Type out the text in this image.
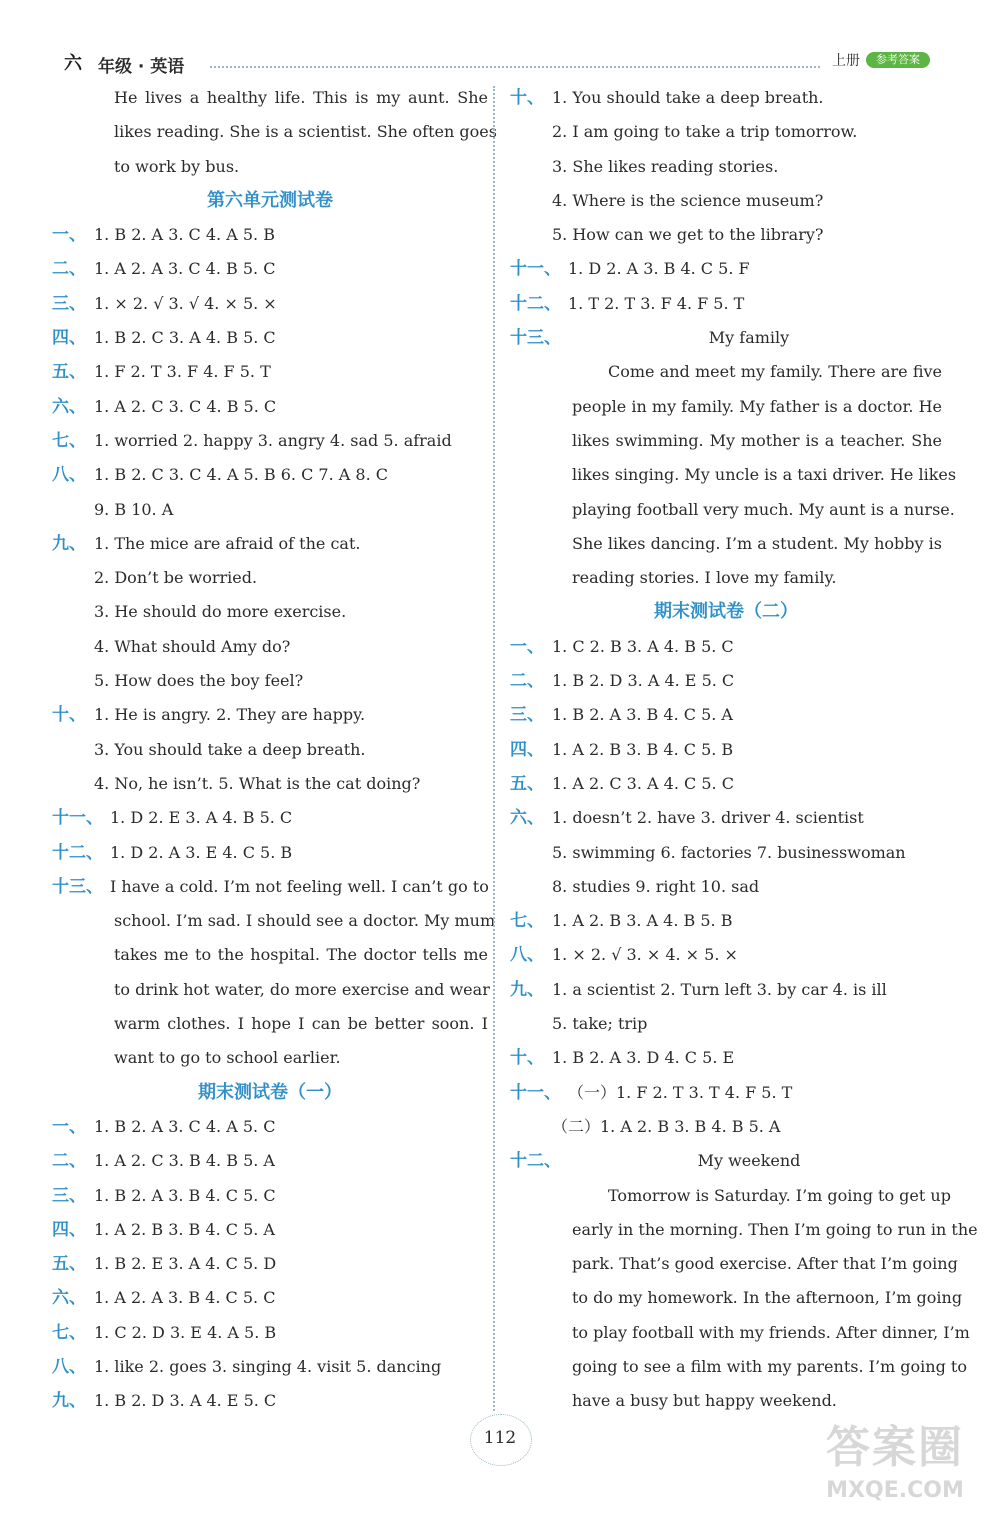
六 年级 · 英语	上册	参考答案
He lives a healthy life. This is my aunt. She
likes reading. She is a scientist. She often goes
to work by bus.
第六单元测试卷
一、 1. B 2. A 3. C 4. A 5. B
二、 1. A 2. A 3. C 4. B 5. C
三、 1. × 2. √ 3. √ 4. × 5. ×
四、 1. B 2. C 3. A 4. B 5. C
五、 1. F 2. T 3. F 4. F 5. T
六、 1. A 2. C 3. C 4. B 5. C
七、 1. worried 2. happy 3. angry 4. sad 5. afraid
八、 1. B 2. C 3. C 4. A 5. B 6. C 7. A 8. C
9. B 10. A
九、 1. The mice are afraid of the cat.
2. Don’t be worried.
3. He should do more exercise.
4. What should Amy do?
5. How does the boy feel?
十、 1. He is angry. 2. They are happy.
3. You should take a deep breath.
4. No, he isn’t. 5. What is the cat doing?
十一、 1. D 2. E 3. A 4. B 5. C
十二、 1. D 2. A 3. E 4. C 5. B
十三、 I have a cold. I’m not feeling well. I can’t go to
school. I’m sad. I should see a doctor. My mum
takes me to the hospital. The doctor tells me
to drink hot water, do more exercise and wear
warm clothes. I hope I can be better soon. I
want to go to school earlier.
期末测试卷（一）
一、 1. B 2. A 3. C 4. A 5. C
二、 1. A 2. C 3. B 4. B 5. A
三、 1. B 2. A 3. B 4. C 5. C
四、 1. A 2. B 3. B 4. C 5. A
五、 1. B 2. E 3. A 4. C 5. D
六、 1. A 2. A 3. B 4. C 5. C
七、 1. C 2. D 3. E 4. A 5. B
八、 1. like 2. goes 3. singing 4. visit 5. dancing
九、 1. B 2. D 3. A 4. E 5. C
十、 1. You should take a deep breath.
2. I am going to take a trip tomorrow.
3. She likes reading stories.
4. Where is the science museum?
5. How can we get to the library?
十一、 1. D 2. A 3. B 4. C 5. F
十二、 1. T 2. T 3. F 4. F 5. T
十三、	My family
Come and meet my family. There are five
people in my family. My father is a doctor. He
likes swimming. My mother is a teacher. She
likes singing. My uncle is a taxi driver. He likes
playing football very much. My aunt is a nurse.
She likes dancing. I’m a student. My hobby is
reading stories. I love my family.
期末测试卷（二）
一、 1. C 2. B 3. A 4. B 5. C
二、 1. B 2. D 3. A 4. E 5. C
三、 1. B 2. A 3. B 4. C 5. A
四、 1. A 2. B 3. B 4. C 5. B
五、 1. A 2. C 3. A 4. C 5. C
六、 1. doesn’t 2. have 3. driver 4. scientist
5. swimming 6. factories 7. businesswoman
8. studies 9. right 10. sad
七、 1. A 2. B 3. A 4. B 5. B
八、 1. × 2. √ 3. × 4. × 5. ×
九、 1. a scientist 2. Turn left 3. by car 4. is ill
5. take; trip
十、 1. B 2. A 3. D 4. C 5. E
十一、 （一）1. F 2. T 3. T 4. F 5. T
（二）1. A 2. B 3. B 4. B 5. A
十二、	My weekend
Tomorrow is Saturday. I’m going to get up
early in the morning. Then I’m going to run in the
park. That’s good exercise. After that I’m going
to do my homework. In the afternoon, I’m going
to play football with my friends. After dinner, I’m
going to see a film with my parents. I’m going to
have a busy but happy weekend.
112	答案圈
MXQE.COM
